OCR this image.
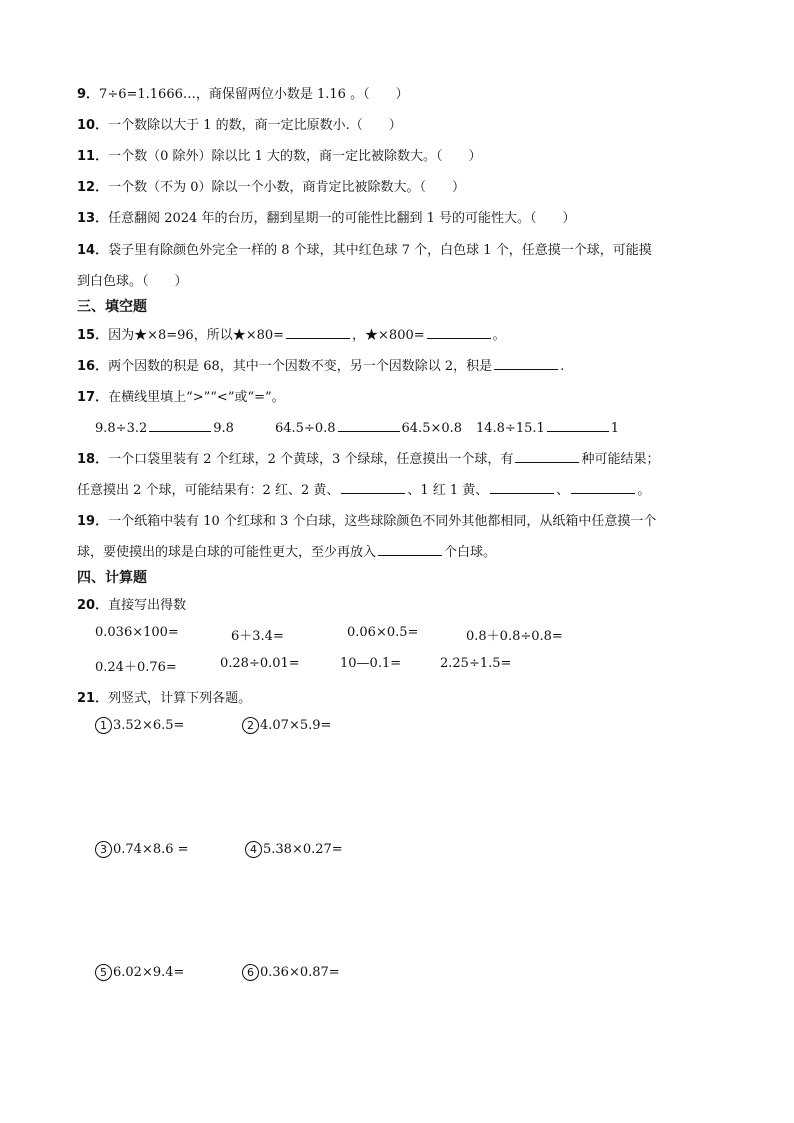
9．7÷6=1.1666…，商保留两位小数是 1.16 。（　　）
10．一个数除以大于 1 的数，商一定比原数小.（　　）
11．一个数（0 除外）除以比 1 大的数，商一定比被除数大。（　　）
12．一个数（不为 0）除以一个小数，商肯定比被除数大。（　　）
13．任意翻阅 2024 年的台历，翻到星期一的可能性比翻到 1 号的可能性大。（　　）
14．袋子里有除颜色外完全一样的 8 个球，其中红色球 7 个，白色球 1 个，任意摸一个球，可能摸
到白色球。（　　）
三、填空题
15．因为★×8=96，所以★×80=	，★×800=	。
16．两个因数的积是 68，其中一个因数不变，另一个因数除以 2，积是	.
17．在横线里填上“>”“<”或“=”。
9.8÷3.2	9.8	64.5÷0.8	64.5×0.8 14.8÷15.1	1
18．一个口袋里装有 2 个红球，2 个黄球，3 个绿球，任意摸出一个球，有	种可能结果；
任意摸出 2 个球，可能结果有：2 红、2 黄、	、1 红 1 黄、	、	。
19．一个纸箱中装有 10 个红球和 3 个白球，这些球除颜色不同外其他都相同，从纸箱中任意摸一个
球，要使摸出的球是白球的可能性更大，至少再放入	个白球。
四、计算题
20．直接写出得数
0.036×100=	6＋3.4=	0.06×0.5=	0.8＋0.8÷0.8=
0.24＋0.76=	0.28÷0.01=	10—0.1=	2.25÷1.5=
21．列竖式，计算下列各题。
1 3.52×6.5=	2 4.07×5.9=
3 0.74×8.6 =	4 5.38×0.27=
5 6.02×9.4=	6 0.36×0.87=
